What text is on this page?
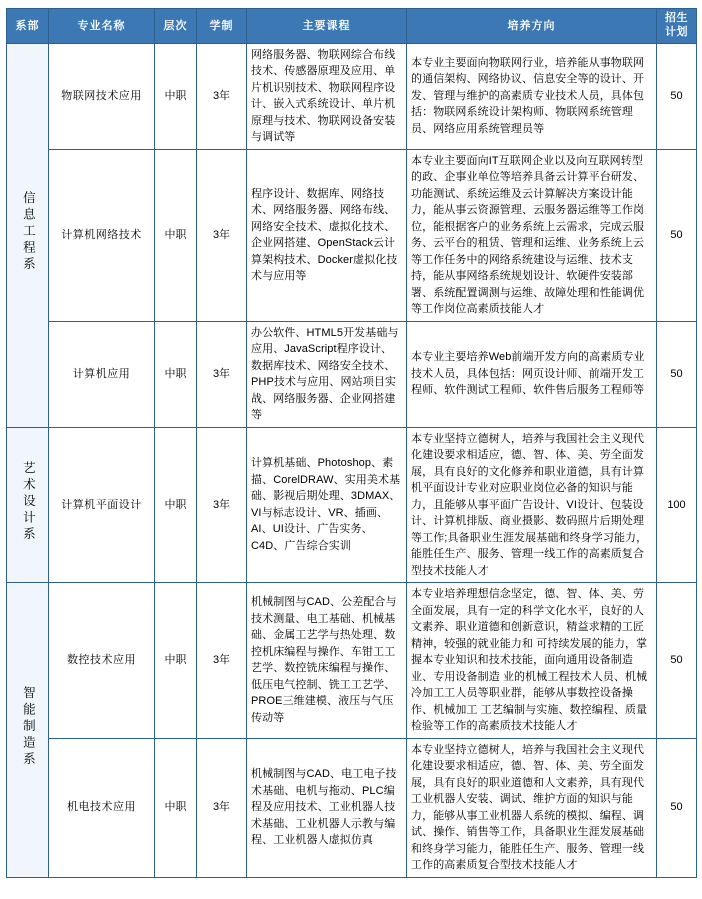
系部	专业名称	层次	学制	主要课程	培养方向	招生
计划

信息工程系	物联网技术应用	中职	3年	网络服务器、物联网综合布线技术、传感器原理及应用、单片机识别技术、物联网程序设计、嵌入式系统设计、单片机原理与技术、物联网设备安装与调试等	本专业主要面向物联网行业，培养能从事物联网的通信架构、网络协议、信息安全等的设计、开发、管理与维护的高素质专业技术人员，具体包括：物联网系统设计架构师、物联网系统管理员、网络应用系统管理员等	50
	计算机网络技术	中职	3年	程序设计、数据库、网络技术、网络服务器、网络布线、网络安全技术、虚拟化技术、企业网搭建、OpenStack云计算架构技术、Docker虚拟化技术与应用等	本专业主要面向IT互联网企业以及向互联网转型的政、企事业单位等培养具备云计算平台研发、功能测试、系统运维及云计算解决方案设计能力，能从事云资源管理、云服务器运维等工作岗位，能根据客户的业务系统上云需求，完成云服务、云平台的租赁、管理和运维、业务系统上云等工作任务中的网络系统建设与运维、技术支持，能从事网络系统规划设计、软硬件安装部署、系统配置调测与运维、故障处理和性能调优等工作岗位高素质技能人才	50
	计算机应用	中职	3年	办公软件、HTML5开发基础与应用、JavaScript程序设计、数据库技术、网络安全技术、PHP技术与应用、网站项目实战、网络服务器、企业网搭建等	本专业主要培养Web前端开发方向的高素质专业技术人员，具体包括：网页设计师、前端开发工程师、软件测试工程师、软件售后服务工程师等	50
艺术设计系	计算机平面设计	中职	3年	计算机基础、Photoshop、素描、CorelDRAW、实用美术基础、影视后期处理、3DMAX、VI与标志设计、VR、插画、AI、UI设计、广告实务、C4D、广告综合实训	本专业坚持立德树人，培养与我国社会主义现代化建设要求相适应，德、智、体、美、劳全面发展，具有良好的文化修养和职业道德，具有计算机平面设计专业对应职业岗位必备的知识与能力，且能够从事平面广告设计、VI设计、包装设计、计算机排版、商业摄影、数码照片后期处理等工作;具备职业生涯发展基础和终身学习能力，能胜任生产、服务、管理一线工作的高素质复合型技术技能人才	100
智能制造系	数控技术应用	中职	3年	机械制图与CAD、公差配合与技术测量、电工基础、机械基础、金属工艺学与热处理、数控机床编程与操作、车钳工工艺学、数控铣床编程与操作、低压电气控制、铣工工艺学、PROE三维建模、液压与气压传动等	本专业培养理想信念坚定，德、智、体、美、劳全面发展，具有一定的科学文化水平，良好的人文素养、职业道德和创新意识，精益求精的工匠精神，较强的就业能力和 可持续发展的能力，掌握本专业知识和技术技能，面向通用设备制造业、专用设备制造 业的机械工程技术人员、机械冷加工工人员等职业群，能够从事数控设备操作、机械加工 工艺编制与实施、数控编程、质量检验等工作的高素质技术技能人才	50
	机电技术应用	中职	3年	机械制图与CAD、电工电子技术基础、电机与拖动、PLC编程及应用技术、工业机器人技术基础、工业机器人示教与编程、工业机器人虚拟仿真	本专业坚持立德树人，培养与我国社会主义现代化建设要求相适应，德、智、体、美、劳全面发展，具有良好的职业道德和人文素养，具有现代工业机器人安装、调试、维护方面的知识与能力，能够从事工业机器人系统的模拟、编程、调试、操作、销售等工作，具备职业生涯发展基础和终身学习能力，能胜任生产、服务、管理一线工作的高素质复合型技术技能人才	50
